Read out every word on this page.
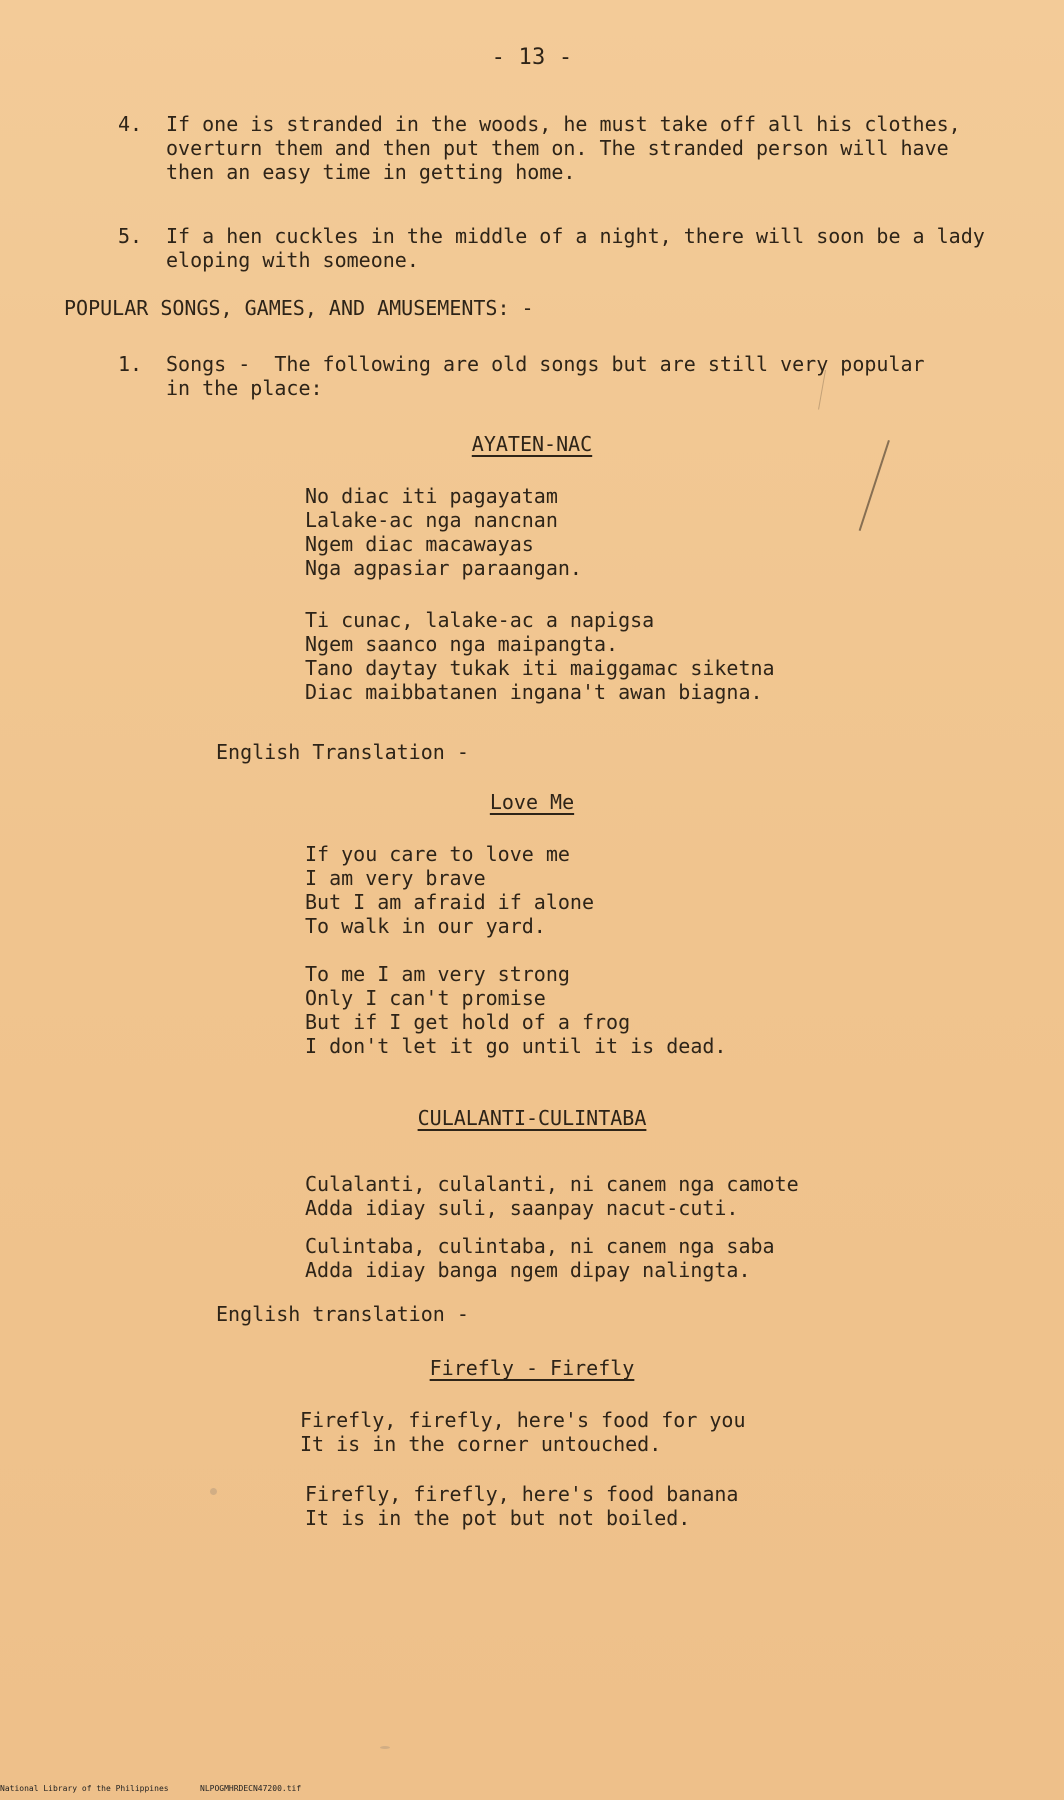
- 13 -
4. If one is stranded in the woods, he must take off all his clothes,
overturn them and then put them on. The stranded person will have
then an easy time in getting home.
5. If a hen cuckles in the middle of a night, there will soon be a lady
eloping with someone.
POPULAR SONGS, GAMES, AND AMUSEMENTS: -
1. Songs -  The following are old songs but are still very popular
in the place:
AYATEN-NAC
No diac iti pagayatam
Lalake-ac nga nancnan
Ngem diac macawayas
Nga agpasiar paraangan.
Ti cunac, lalake-ac a napigsa
Ngem saanco nga maipangta.
Tano daytay tukak iti maiggamac siketna
Diac maibbatanen ingana't awan biagna.
English Translation -
Love Me
If you care to love me
I am very brave
But I am afraid if alone
To walk in our yard.
To me I am very strong
Only I can't promise
But if I get hold of a frog
I don't let it go until it is dead.
CULALANTI-CULINTABA
Culalanti, culalanti, ni canem nga camote
Adda idiay suli, saanpay nacut-cuti.
Culintaba, culintaba, ni canem nga saba
Adda idiay banga ngem dipay nalingta.
English translation -
Firefly - Firefly
Firefly, firefly, here's food for you
It is in the corner untouched.
Firefly, firefly, here's food banana
It is in the pot but not boiled.
National Library of the Philippines	NLPOGMHRDECN47200.tif
